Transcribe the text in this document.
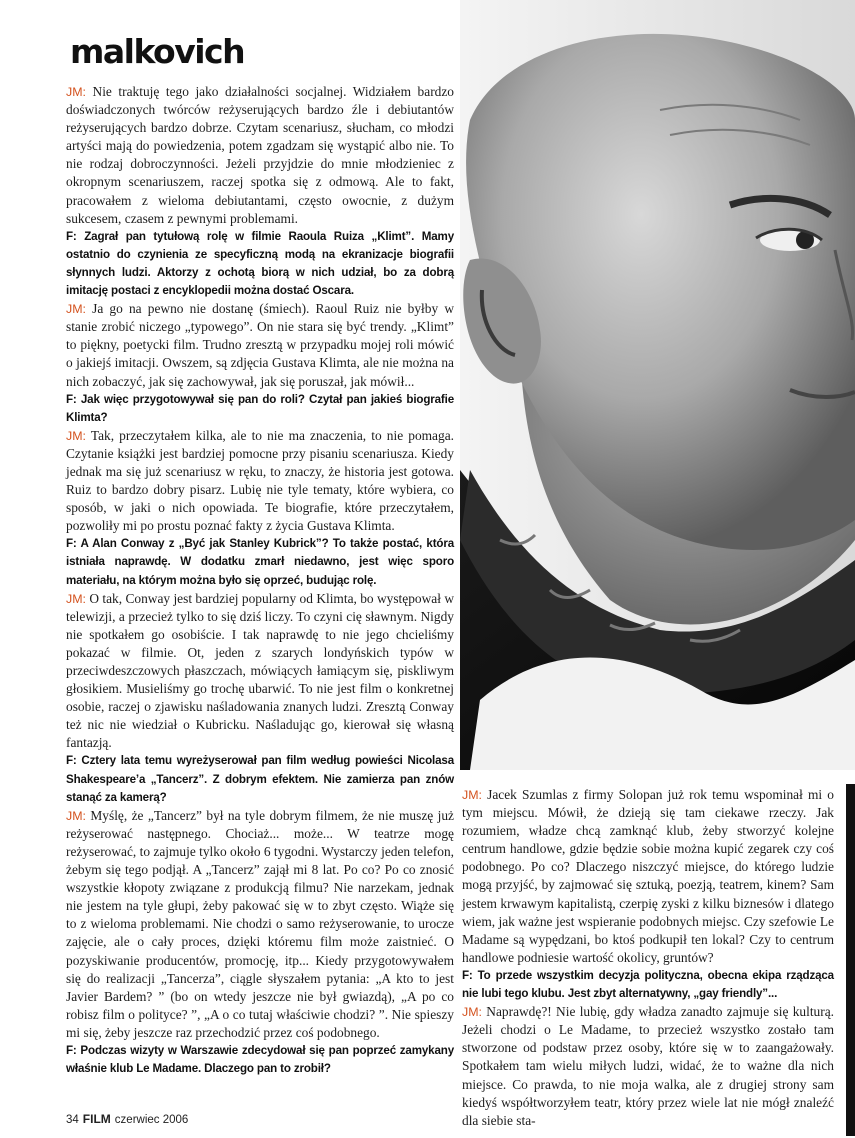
malkovich

JM: Nie traktuję tego jako działalności socjalnej. Widziałem bardzo doświadczonych twórców reżyserujących bardzo źle i debiutantów reżyserujących bardzo dobrze. Czytam scenariusz, słucham, co młodzi artyści mają do powiedzenia, potem zgadzam się wystąpić albo nie. To nie rodzaj dobroczynności. Jeżeli przyjdzie do mnie młodzieniec z okropnym scenariuszem, raczej spotka się z odmową. Ale to fakt, pracowałem z wieloma debiutantami, często owocnie, z dużym sukcesem, czasem z pewnymi problemami.

F: Zagrał pan tytułową rolę w filmie Raoula Ruiza „Klimt”. Mamy ostatnio do czynienia ze specyficzną modą na ekranizacje biografii słynnych ludzi. Aktorzy z ochotą biorą w nich udział, bo za dobrą imitację postaci z encyklopedii można dostać Oscara.

JM: Ja go na pewno nie dostanę (śmiech). Raoul Ruiz nie byłby w stanie zrobić niczego „typowego”. On nie stara się być trendy. „Klimt” to piękny, poetycki film. Trudno zresztą w przypadku mojej roli mówić o jakiejś imitacji. Owszem, są zdjęcia Gustava Klimta, ale nie można na nich zobaczyć, jak się zachowywał, jak się poruszał, jak mówił...

F: Jak więc przygotowywał się pan do roli? Czytał pan jakieś biografie Klimta?

JM: Tak, przeczytałem kilka, ale to nie ma znaczenia, to nie pomaga. Czytanie książki jest bardziej pomocne przy pisaniu scenariusza. Kiedy jednak ma się już scenariusz w ręku, to znaczy, że historia jest gotowa. Ruiz to bardzo dobry pisarz. Lubię nie tyle tematy, które wybiera, co sposób, w jaki o nich opowiada. Te biografie, które przeczytałem, pozwoliły mi po prostu poznać fakty z życia Gustava Klimta.

F: A Alan Conway z „Być jak Stanley Kubrick”? To także postać, która istniała naprawdę. W dodatku zmarł niedawno, jest więc sporo materiału, na którym można było się oprzeć, budując rolę.

JM: O tak, Conway jest bardziej popularny od Klimta, bo występował w telewizji, a przecież tylko to się dziś liczy. To czyni cię sławnym. Nigdy nie spotkałem go osobiście. I tak naprawdę to nie jego chcieliśmy pokazać w filmie. Ot, jeden z szarych londyńskich typów w przeciwdeszczowych płaszczach, mówiących łamiącym się, piskliwym głosikiem. Musieliśmy go trochę ubarwić. To nie jest film o konkretnej osobie, raczej o zjawisku naśladowania znanych ludzi. Zresztą Conway też nic nie wiedział o Kubricku. Naśladując go, kierował się własną fantazją.

F: Cztery lata temu wyreżyserował pan film według powieści Nicolasa Shakespeare’a „Tancerz”. Z dobrym efektem. Nie zamierza pan znów stanąć za kamerą?

JM: Myślę, że „Tancerz” był na tyle dobrym filmem, że nie muszę już reżyserować następnego. Chociaż... może... W teatrze mogę reżyserować, to zajmuje tylko około 6 tygodni. Wystarczy jeden telefon, żebym się tego podjął. A „Tancerz” zajął mi 8 lat. Po co? Po co znosić wszystkie kłopoty związane z produkcją filmu? Nie narzekam, jednak nie jestem na tyle głupi, żeby pakować się w to zbyt często. Wiąże się to z wieloma problemami. Nie chodzi o samo reżyserowanie, to urocze zajęcie, ale o cały proces, dzięki któremu film może zaistnieć. O pozyskiwanie producentów, promocję, itp... Kiedy przygotowywałem się do realizacji „Tancerza”, ciągle słyszałem pytania: „A kto to jest Javier Bardem? ” (bo on wtedy jeszcze nie był gwiazdą), „A po co robisz film o polityce? ”, „A o co tutaj właściwie chodzi? ”. Nie spieszy mi się, żeby jeszcze raz przechodzić przez coś podobnego.

F: Podczas wizyty w Warszawie zdecydował się pan poprzeć zamykany właśnie klub Le Madame. Dlaczego pan to zrobił?

JM: Jacek Szumlas z firmy Solopan już rok temu wspominał mi o tym miejscu. Mówił, że dzieją się tam ciekawe rzeczy. Jak rozumiem, władze chcą zamknąć klub, żeby stworzyć kolejne centrum handlowe, gdzie będzie sobie można kupić zegarek czy coś podobnego. Po co? Dlaczego niszczyć miejsce, do którego ludzie mogą przyjść, by zajmować się sztuką, poezją, teatrem, kinem? Sam jestem krwawym kapitalistą, czerpię zyski z kilku biznesów i dlatego wiem, jak ważne jest wspieranie podobnych miejsc. Czy szefowie Le Madame są wypędzani, bo ktoś podkupił ten lokal? Czy to centrum handlowe podniesie wartość okolicy, gruntów?

F: To przede wszystkim decyzja polityczna, obecna ekipa rządząca nie lubi tego klubu. Jest zbyt alternatywny, „gay friendly”...

JM: Naprawdę?! Nie lubię, gdy władza zanadto zajmuje się kulturą. Jeżeli chodzi o Le Madame, to przecież wszystko zostało tam stworzone od podstaw przez osoby, które się w to zaangażowały. Spotkałem tam wielu miłych ludzi, widać, że to ważne dla nich miejsce. Co prawda, to nie moja walka, ale z drugiej strony sam kiedyś współtworzyłem teatr, który przez wiele lat nie mógł znaleźć dla siebie sta-

34 FILM czerwiec 2006
